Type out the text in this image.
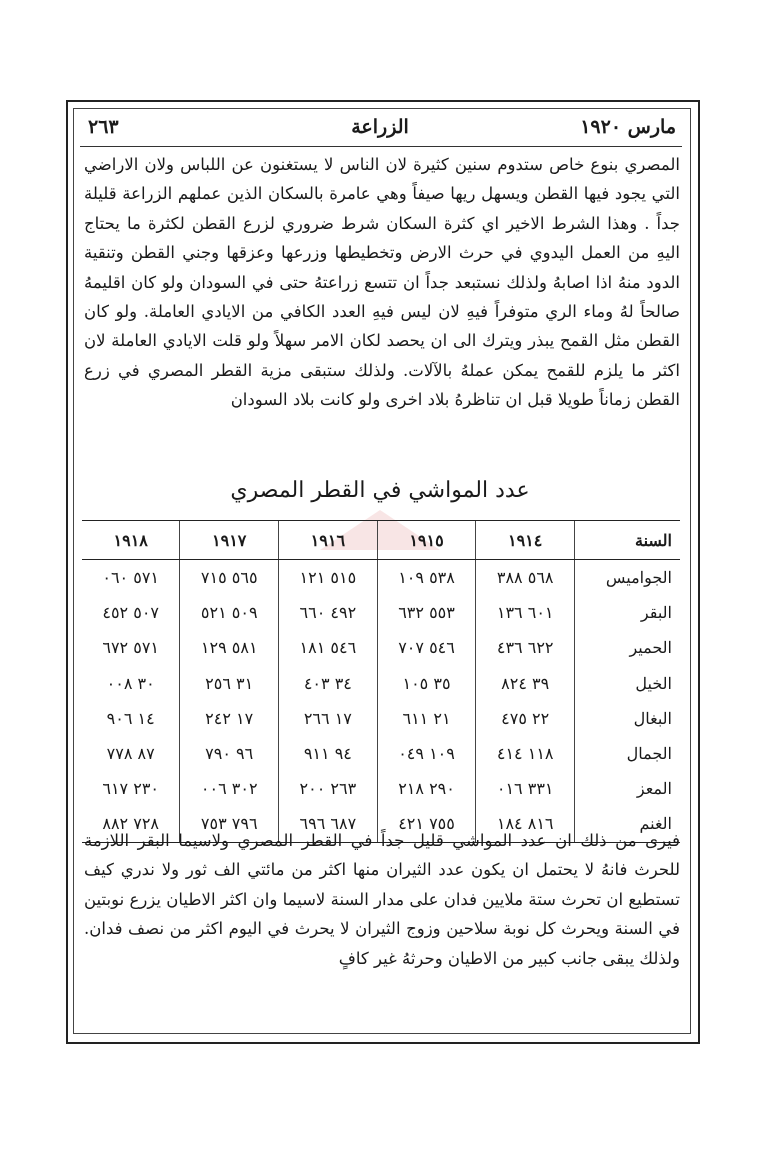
مارس ١٩٢٠
الزراعة
٢٦٣
المصري بنوع خاص ستدوم سنين كثيرة لان الناس لا يستغنون عن اللباس ولان الاراضي التي يجود فيها القطن ويسهل ريها صيفاً وهي عامرة بالسكان الذين عملهم الزراعة قليلة جداً . وهذا الشرط الاخير اي كثرة السكان شرط ضروري لزرع القطن لكثرة ما يحتاج اليهِ من العمل اليدوي في حرث الارض وتخطيطها وزرعها وعزقها وجني القطن وتنقية الدود منهُ اذا اصابهُ ولذلك نستبعد جداً ان تتسع زراعتهُ حتى في السودان ولو كان اقليمهُ صالحاً لهُ وماء الري متوفراً فيهِ لان ليس فيهِ العدد الكافي من الايادي العاملة. ولو كان القطن مثل القمح يبذر ويترك الى ان يحصد لكان الامر سهلاً ولو قلت الايادي العاملة لان اكثر ما يلزم للقمح يمكن عملهُ بالآلات. ولذلك ستبقى مزية القطر المصري في زرع القطن زماناً طويلا قبل ان تناظرهُ بلاد اخرى ولو كانت بلاد السودان
عدد المواشي في القطر المصري
السنة	١٩١٤	١٩١٥	١٩١٦	١٩١٧	١٩١٨
الجواميس	٥٦٨ ٣٨٨	٥٣٨ ١٠٩	٥١٥ ١٢١	٥٦٥ ٧١٥	٥٧١ ٠٦٠
البقر	٦٠١ ١٣٦	٥٥٣ ٦٣٢	٤٩٢ ٦٦٠	٥٠٩ ٥٢١	٥٠٧ ٤٥٢
الحمير	٦٢٢ ٤٣٦	٥٤٦ ٧٠٧	٥٤٦ ١٨١	٥٨١ ١٢٩	٥٧١ ٦٧٢
الخيل	٣٩ ٨٢٤	٣٥ ١٠٥	٣٤ ٤٠٣	٣١ ٢٥٦	٣٠ ٠٠٨
البغال	٢٢ ٤٧٥	٢١ ٦١١	١٧ ٢٦٦	١٧ ٢٤٢	١٤ ٩٠٦
الجمال	١١٨ ٤١٤	١٠٩ ٠٤٩	٩٤ ٩١١	٩٦ ٧٩٠	٨٧ ٧٧٨
المعز	٣٣١ ٠١٦	٢٩٠ ٢١٨	٢٦٣ ٢٠٠	٣٠٢ ٠٠٦	٢٣٠ ٦١٧
الغنم	٨١٦ ١٨٤	٧٥٥ ٤٢١	٦٨٧ ٦٩٦	٧٩٦ ٧٥٣	٧٢٨ ٨٨٢
فيرى من ذلك ان عدد المواشي قليل جداً في القطر المصري ولاسيما البقر اللازمة للحرث فانهُ لا يحتمل ان يكون عدد الثيران منها اكثر من مائتي الف ثور ولا ندري كيف تستطيع ان تحرث ستة ملايين فدان على مدار السنة لاسيما وان اكثر الاطيان يزرع نوبتين في السنة ويحرث كل نوبة سلاحين وزوج الثيران لا يحرث في اليوم اكثر من نصف فدان. ولذلك يبقى جانب كبير من الاطيان وحرثهُ غير كافٍ
